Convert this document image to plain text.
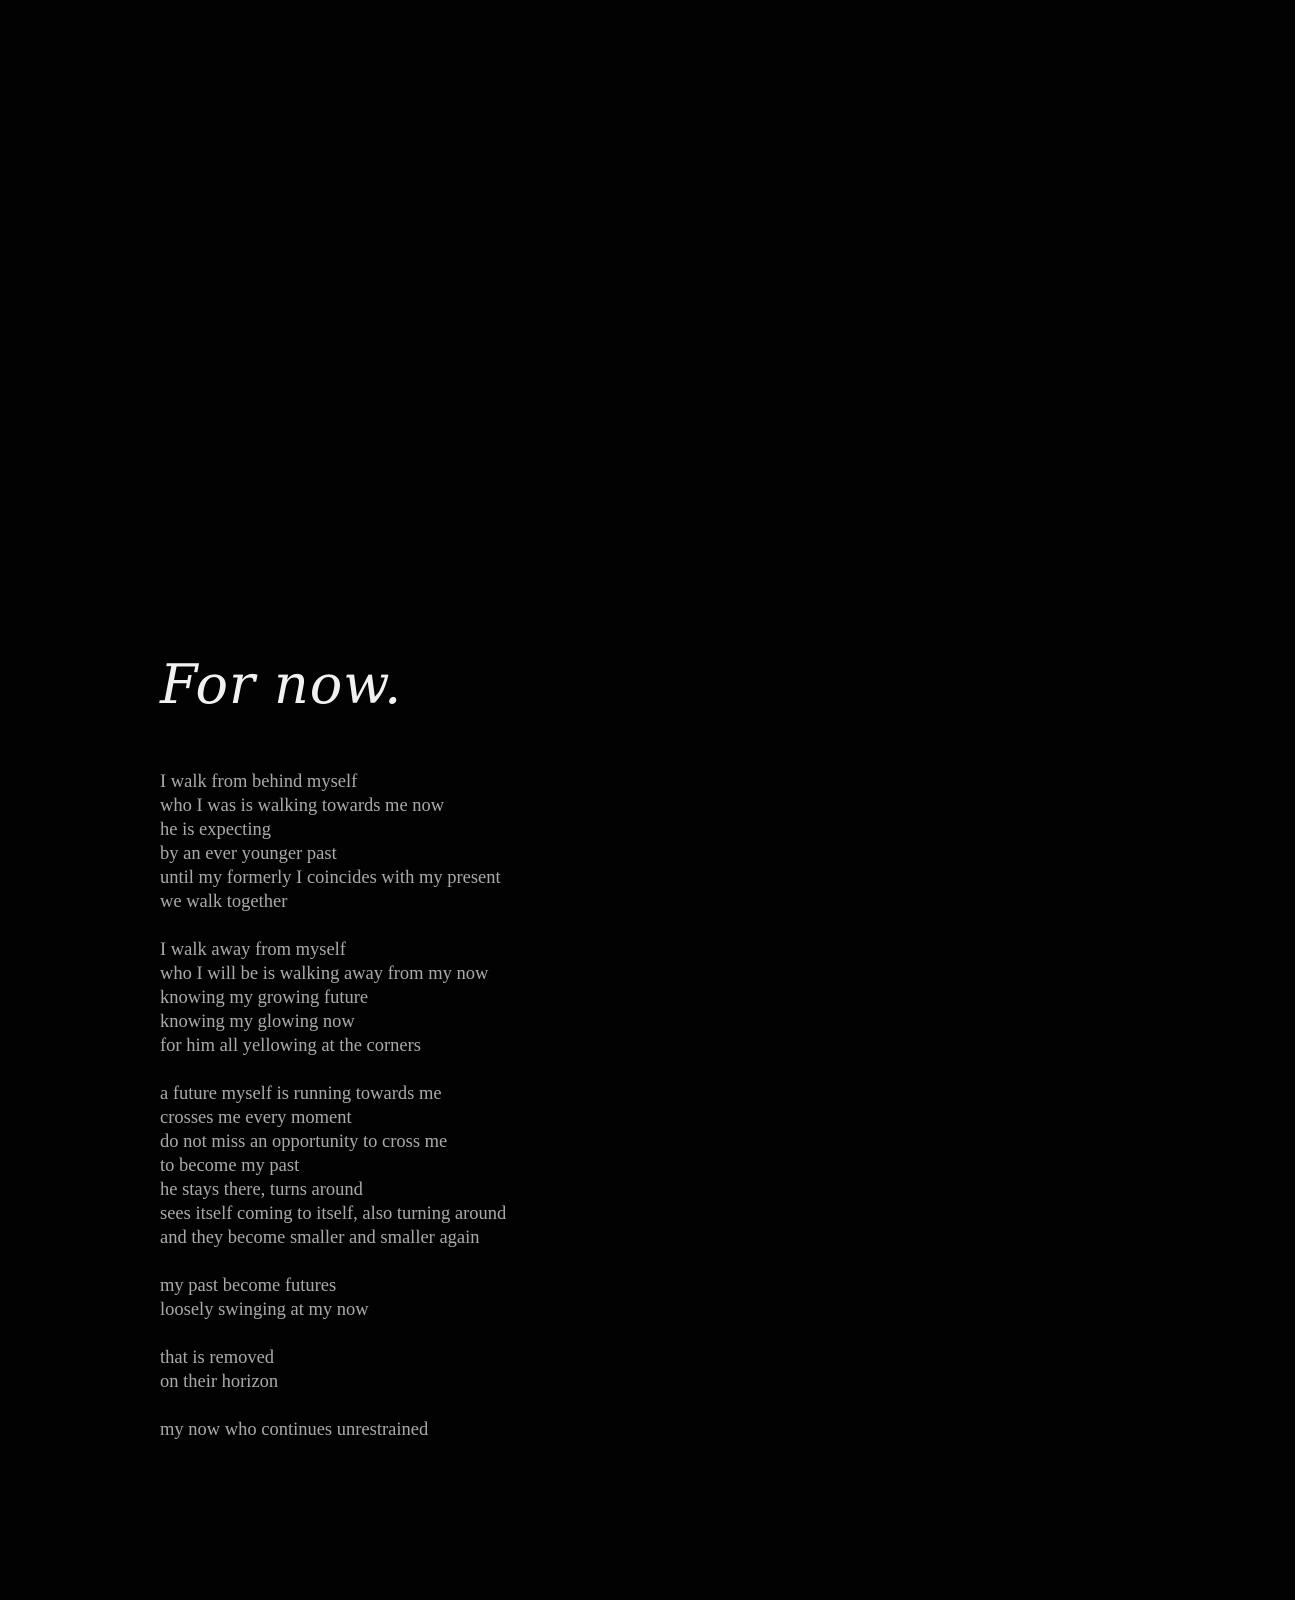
For now.
I walk from behind myself
who I was is walking towards me now
he is expecting
by an ever younger past
until my formerly I coincides with my present
we walk together
I walk away from myself
who I will be is walking away from my now
knowing my growing future
knowing my glowing now
for him all yellowing at the corners
a future myself is running towards me
crosses me every moment
do not miss an opportunity to cross me
to become my past
he stays there, turns around
sees itself coming to itself, also turning around
and they become smaller and smaller again
my past become futures
loosely swinging at my now
that is removed
on their horizon
my now who continues unrestrained
